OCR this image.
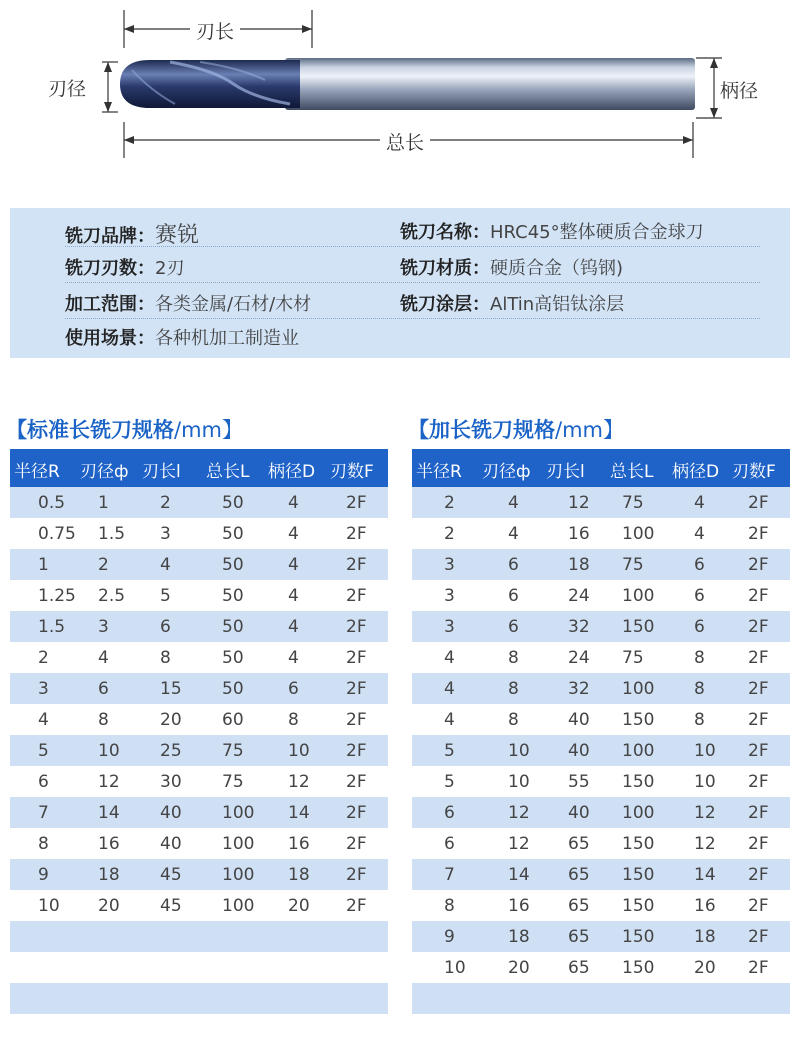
刃长
刃径	柄径
总长
铣刀品牌：赛锐	铣刀名称：HRC45°整体硬质合金球刀
铣刀刃数：2刃	铣刀材质：硬质合金（钨钢)
加工范围：各类金属/石材/木材	铣刀涂层：AlTin高铝钛涂层
使用场景：各种机加工制造业
【标准长铣刀规格/mm】	【加长铣刀规格/mm】
半径R 刃径ф 刃长l 总长L 柄径D 刃数F
0.5 1	2	50	4	2F
0.75 1.5 3	50	4	2F
1	2	4	50	4	2F
1.25 2.5 5	50	4	2F
1.5 3	6	50	4	2F
2	4	8	50	4	2F
3	6	15 50	6	2F
4	8	20 60	8	2F
5	10 25 75	10 2F
6	12 30 75	12 2F
7	14 40 100 14 2F
8	16 40 100 16 2F
9	18 45 100 18 2F
10 20 45 100 20 2F
半径R 刃径ф 刃长l 总长L 柄径D 刃数F
2	4	12 75	4	2F
2	4	16 100 4	2F
3	6	18 75	6	2F
3	6	24 100 6	2F
3	6	32 150 6	2F
4	8	24 75	8	2F
4	8	32 100 8	2F
4	8	40 150 8	2F
5	10 40 100 10 2F
5	10 55 150 10 2F
6	12 40 100 12 2F
6	12 65 150 12 2F
7	14 65 150 14 2F
8	16 65 150 16 2F
9	18 65 150 18 2F
10 20 65 150 20 2F
